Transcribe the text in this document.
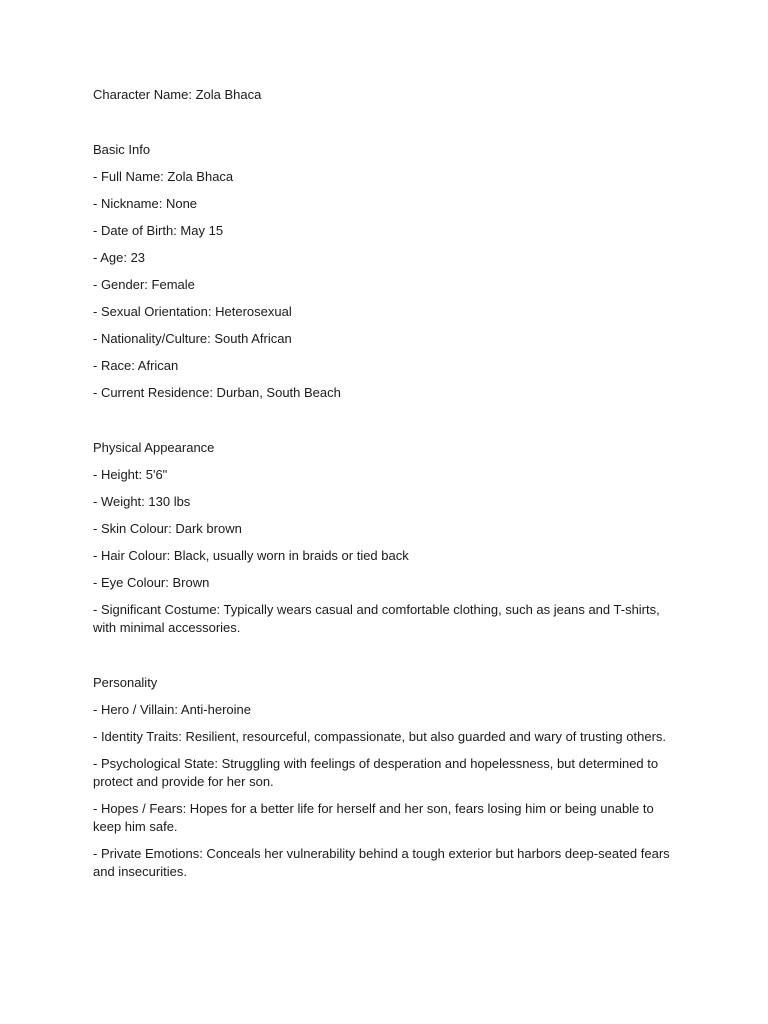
Character Name: Zola Bhaca

Basic Info

- Full Name: Zola Bhaca

- Nickname: None

- Date of Birth: May 15

- Age: 23

- Gender: Female

- Sexual Orientation: Heterosexual

- Nationality/Culture: South African

- Race: African

- Current Residence: Durban, South Beach

Physical Appearance

- Height: 5'6"

- Weight: 130 lbs

- Skin Colour: Dark brown

- Hair Colour: Black, usually worn in braids or tied back

- Eye Colour: Brown

- Significant Costume: Typically wears casual and comfortable clothing, such as jeans and T-shirts, with minimal accessories.

Personality

- Hero / Villain: Anti-heroine

- Identity Traits: Resilient, resourceful, compassionate, but also guarded and wary of trusting others.

- Psychological State: Struggling with feelings of desperation and hopelessness, but determined to protect and provide for her son.

- Hopes / Fears: Hopes for a better life for herself and her son, fears losing him or being unable to keep him safe.

- Private Emotions: Conceals her vulnerability behind a tough exterior but harbors deep-seated fears and insecurities.
